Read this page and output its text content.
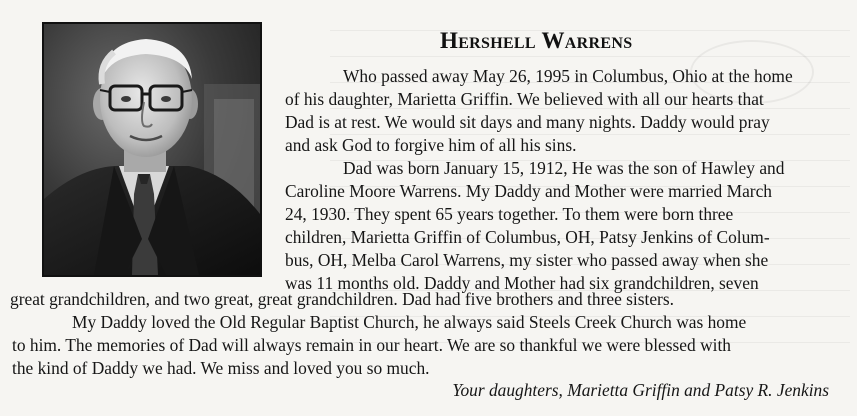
Hershell Warrens
Who passed away May 26, 1995 in Columbus, Ohio at the home
of his daughter, Marietta Griffin. We believed with all our hearts that
Dad is at rest. We would sit days and many nights. Daddy would pray
and ask God to forgive him of all his sins.
Dad was born January 15, 1912, He was the son of Hawley and
Caroline Moore Warrens. My Daddy and Mother were married March
24, 1930. They spent 65 years together. To them were born three
children, Marietta Griffin of Columbus, OH, Patsy Jenkins of Colum-
bus, OH, Melba Carol Warrens, my sister who passed away when she
was 11 months old. Daddy and Mother had six grandchildren, seven
great grandchildren, and two great, great grandchildren. Dad had five brothers and three sisters.
My Daddy loved the Old Regular Baptist Church, he always said Steels Creek Church was home
to him. The memories of Dad will always remain in our heart. We are so thankful we were blessed with
the kind of Daddy we had. We miss and loved you so much.
Your daughters, Marietta Griffin and Patsy R. Jenkins
